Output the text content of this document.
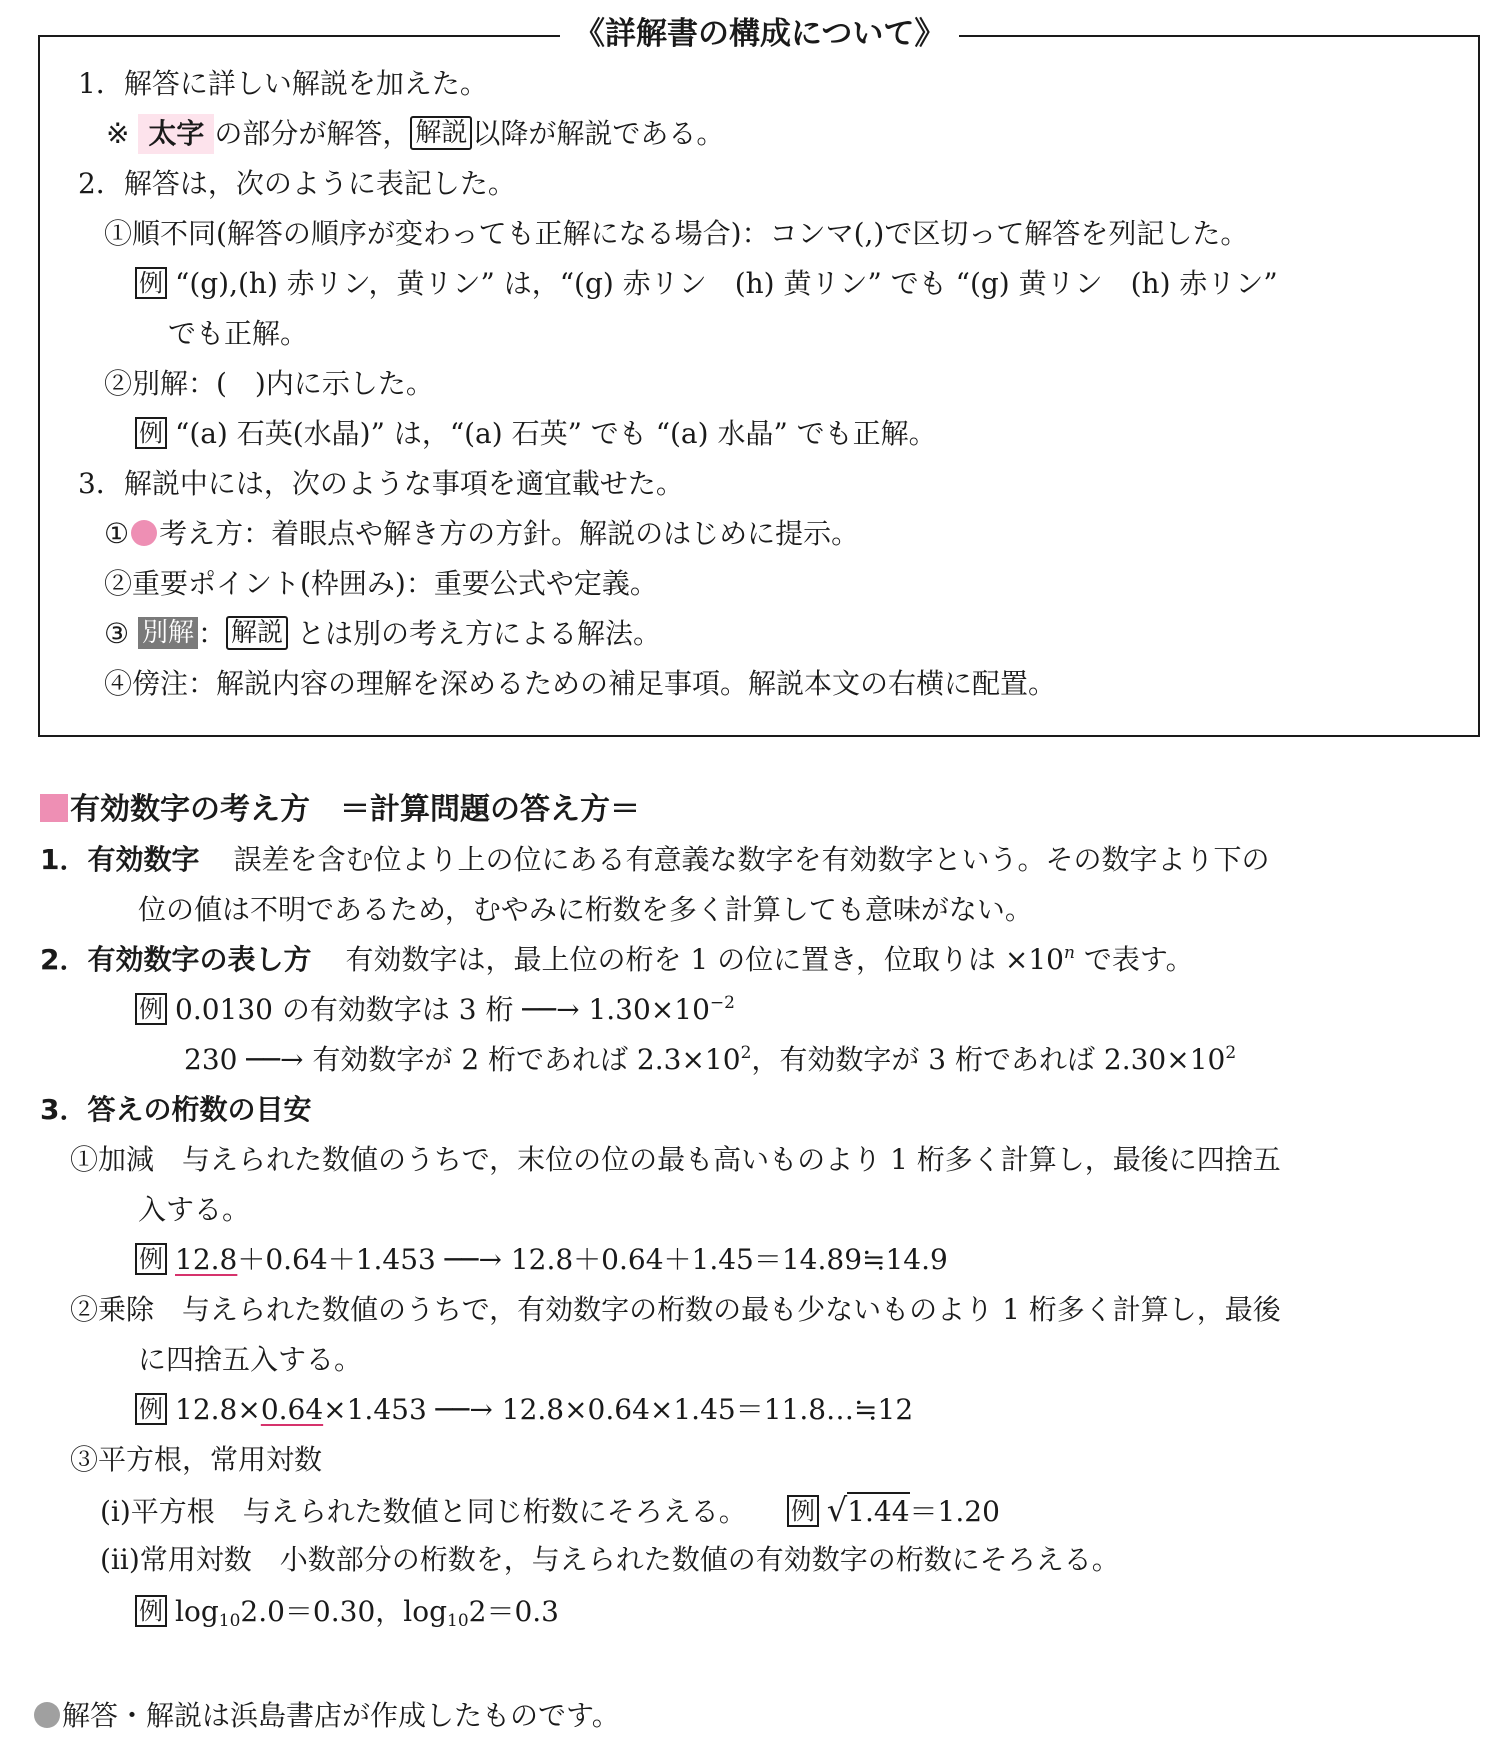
《詳解書の構成について》
1．解答に詳しい解説を加えた。
※ 太字 の部分が解答， 解説 以降が解説である。
2．解答は，次のように表記した。
①順不同(解答の順序が変わっても正解になる場合)：コンマ(,)で区切って解答を列記した。
例 “(g),(h) 赤リン，黄リン” は，“(g) 赤リン　(h) 黄リン” でも “(g) 黄リン　(h) 赤リン”
でも正解。
②別解：(　)内に示した。
例 “(a) 石英(水晶)” は，“(a) 石英” でも “(a) 水晶” でも正解。
3．解説中には，次のような事項を適宜載せた。
① 考え方：着眼点や解き方の方針。解説のはじめに提示。
②重要ポイント(枠囲み)：重要公式や定義。
③ 別解 ： 解説 とは別の考え方による解法。
④傍注：解説内容の理解を深めるための補足事項。解説本文の右横に配置。
有効数字の考え方　＝計算問題の答え方＝
1．有効数字 誤差を含む位より上の位にある有意義な数字を有効数字という。その数字より下の
位の値は不明であるため，むやみに桁数を多く計算しても意味がない。
2．有効数字の表し方 有効数字は，最上位の桁を 1 の位に置き，位取りは $\times 10^n$ で表す。
例 0.0130 の有効数字は 3 桁 ──→ $1.30\times 10^{-2}$
230 ──→ 有効数字が 2 桁であれば $2.3\times 10^2$，有効数字が 3 桁であれば $2.30\times 10^2$
3．答えの桁数の目安
①加減　与えられた数値のうちで，末位の位の最も高いものより 1 桁多く計算し，最後に四捨五
入する。
例 12.8＋0.64＋1.453 ──→ 12.8＋0.64＋1.45＝14.89≒14.9
②乗除　与えられた数値のうちで，有効数字の桁数の最も少ないものより 1 桁多く計算し，最後
に四捨五入する。
例 12.8×0.64×1.453 ──→ 12.8×0.64×1.45＝11.8…≒12
③平方根，常用対数
(ⅰ)平方根　与えられた数値と同じ桁数にそろえる。 例 √1.44＝1.20
(ⅱ)常用対数　小数部分の桁数を，与えられた数値の有効数字の桁数にそろえる。
例 $\log_{10}2.0=0.30$，$\log_{10}2=0.3$
解答・解説は浜島書店が作成したものです。
